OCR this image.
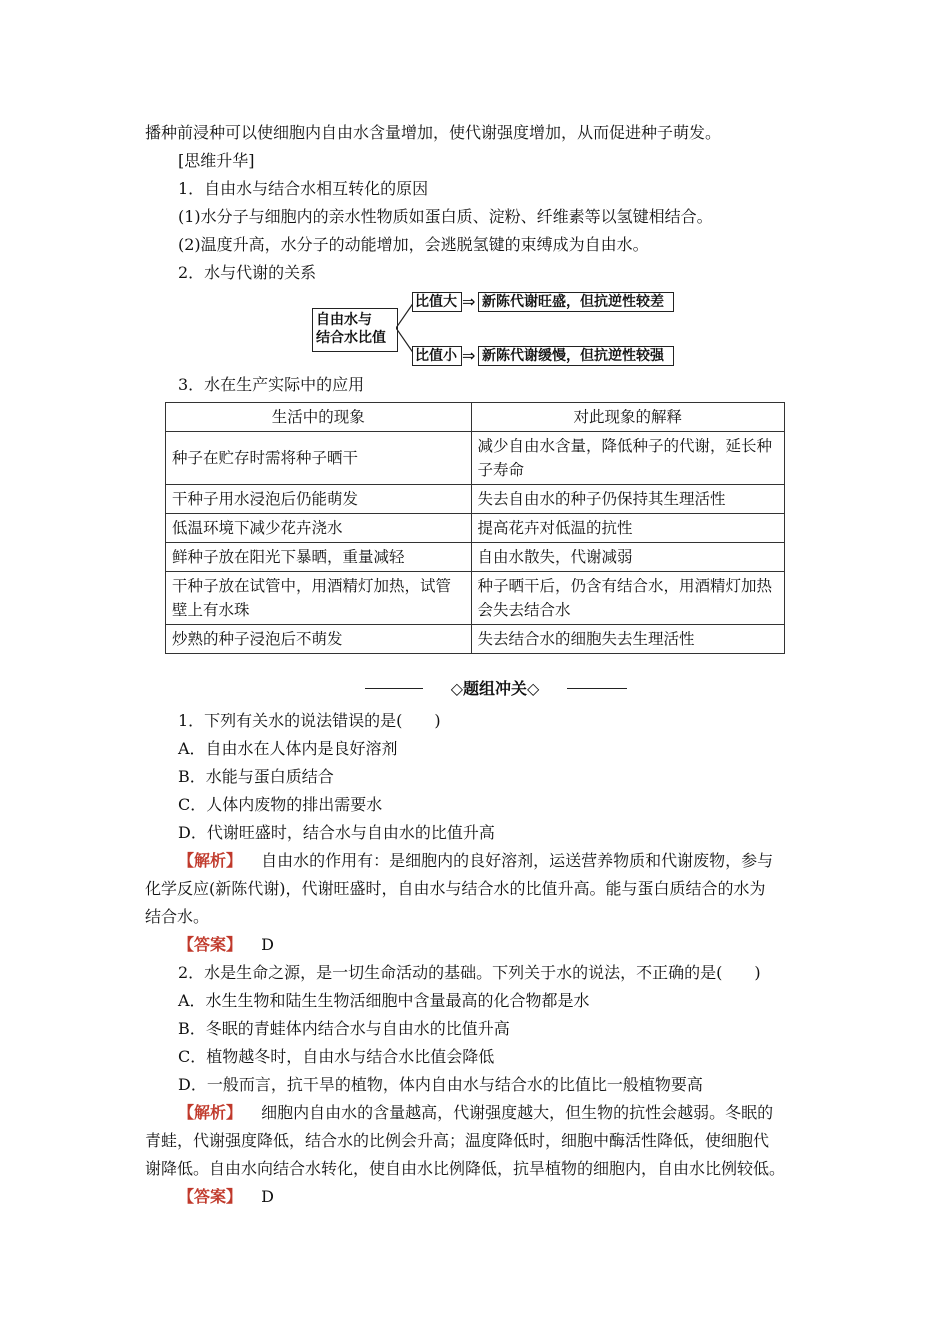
播种前浸种可以使细胞内自由水含量增加，使代谢强度增加，从而促进种子萌发。
[思维升华]
1．自由水与结合水相互转化的原因
(1)水分子与细胞内的亲水性物质如蛋白质、淀粉、纤维素等以氢键相结合。
(2)温度升高，水分子的动能增加，会逃脱氢键的束缚成为自由水。
2．水与代谢的关系
自由水与
结合水比值
比值大 ⇒ 新陈代谢旺盛，但抗逆性较差
比值小 ⇒ 新陈代谢缓慢，但抗逆性较强
3．水在生产实际中的应用
生活中的现象	对此现象的解释
种子在贮存时需将种子晒干	减少自由水含量，降低种子的代谢，延长种子寿命
干种子用水浸泡后仍能萌发	失去自由水的种子仍保持其生理活性
低温环境下减少花卉浇水	提高花卉对低温的抗性
鲜种子放在阳光下暴晒，重量减轻	自由水散失，代谢减弱
干种子放在试管中，用酒精灯加热，试管壁上有水珠	种子晒干后，仍含有结合水，用酒精灯加热会失去结合水
炒熟的种子浸泡后不萌发	失去结合水的细胞失去生理活性
◇题组冲关◇
1．下列有关水的说法错误的是(　　)
A．自由水在人体内是良好溶剂
B．水能与蛋白质结合
C．人体内废物的排出需要水
D．代谢旺盛时，结合水与自由水的比值升高
【解析】 自由水的作用有：是细胞内的良好溶剂，运送营养物质和代谢废物，参与
化学反应(新陈代谢)，代谢旺盛时，自由水与结合水的比值升高。能与蛋白质结合的水为
结合水。
【答案】 D
2．水是生命之源，是一切生命活动的基础。下列关于水的说法，不正确的是(　　)
A．水生生物和陆生生物活细胞中含量最高的化合物都是水
B．冬眠的青蛙体内结合水与自由水的比值升高
C．植物越冬时，自由水与结合水比值会降低
D．一般而言，抗干旱的植物，体内自由水与结合水的比值比一般植物要高
【解析】 细胞内自由水的含量越高，代谢强度越大，但生物的抗性会越弱。冬眠的
青蛙，代谢强度降低，结合水的比例会升高；温度降低时，细胞中酶活性降低，使细胞代
谢降低。自由水向结合水转化，使自由水比例降低，抗旱植物的细胞内，自由水比例较低。
【答案】 D
